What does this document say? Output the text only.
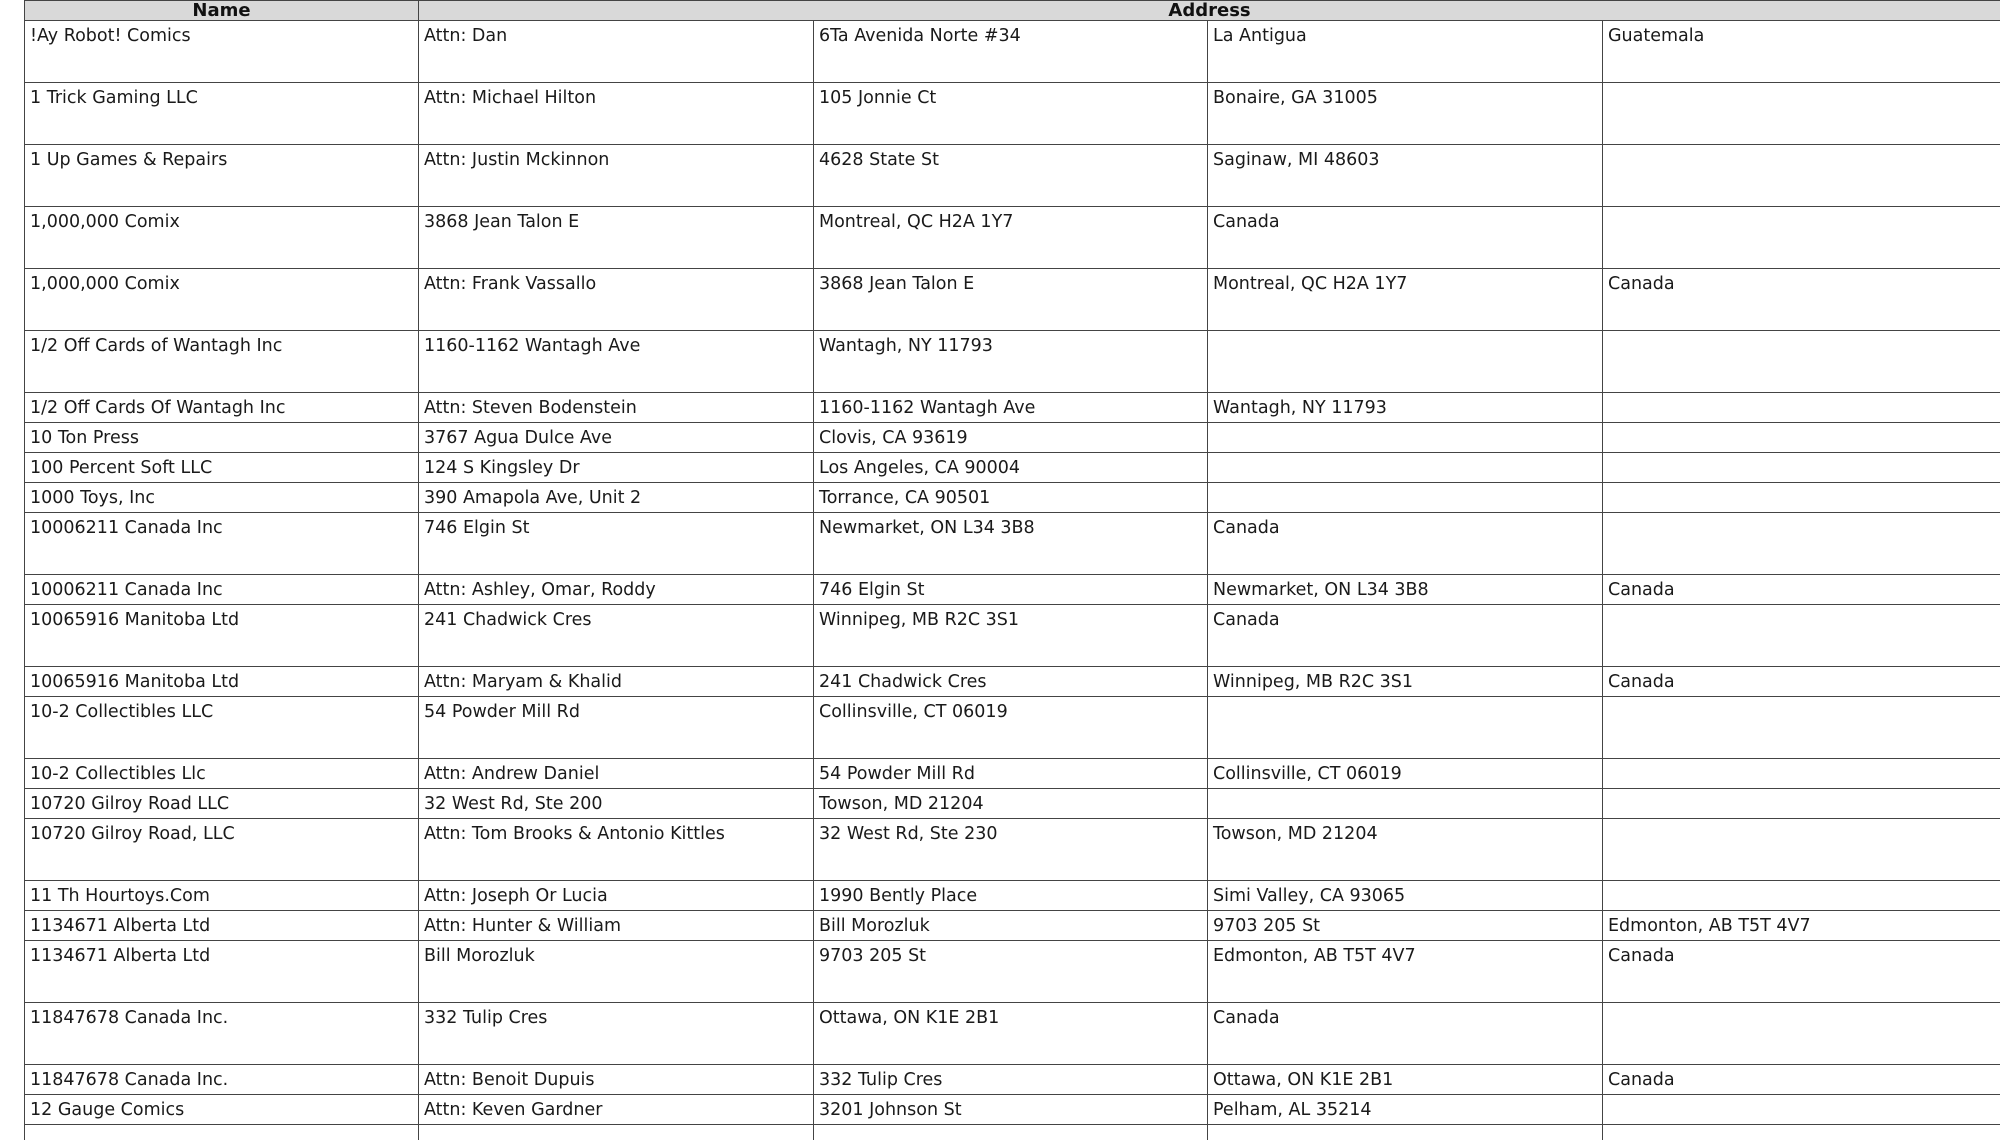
Name	Address			
!Ay Robot! Comics	Attn: Dan	6Ta Avenida Norte #34	La Antigua	Guatemala
1 Trick Gaming LLC	Attn: Michael Hilton	105 Jonnie Ct	Bonaire, GA 31005	
1 Up Games & Repairs	Attn: Justin Mckinnon	4628 State St	Saginaw, MI 48603	
1,000,000 Comix	3868 Jean Talon E	Montreal, QC H2A 1Y7	Canada	
1,000,000 Comix	Attn: Frank Vassallo	3868 Jean Talon E	Montreal, QC H2A 1Y7	Canada
1/2 Off Cards of Wantagh Inc	1160-1162 Wantagh Ave	Wantagh, NY 11793		
1/2 Off Cards Of Wantagh Inc	Attn: Steven Bodenstein	1160-1162 Wantagh Ave	Wantagh, NY 11793	
10 Ton Press	3767 Agua Dulce Ave	Clovis, CA 93619		
100 Percent Soft LLC	124 S Kingsley Dr	Los Angeles, CA 90004		
1000 Toys, Inc	390 Amapola Ave, Unit 2	Torrance, CA 90501		
10006211 Canada Inc	746 Elgin St	Newmarket, ON L34 3B8	Canada	
10006211 Canada Inc	Attn: Ashley, Omar, Roddy	746 Elgin St	Newmarket, ON L34 3B8	Canada
10065916 Manitoba Ltd	241 Chadwick Cres	Winnipeg, MB R2C 3S1	Canada	
10065916 Manitoba Ltd	Attn: Maryam & Khalid	241 Chadwick Cres	Winnipeg, MB R2C 3S1	Canada
10-2 Collectibles LLC	54 Powder Mill Rd	Collinsville, CT 06019		
10-2 Collectibles Llc	Attn: Andrew Daniel	54 Powder Mill Rd	Collinsville, CT 06019	
10720 Gilroy Road LLC	32 West Rd, Ste 200	Towson, MD 21204		
10720 Gilroy Road, LLC	Attn: Tom Brooks & Antonio Kittles	32 West Rd, Ste 230	Towson, MD 21204	
11 Th Hourtoys.Com	Attn: Joseph Or Lucia	1990 Bently Place	Simi Valley, CA 93065	
1134671 Alberta Ltd	Attn: Hunter & William	Bill Morozluk	9703 205 St	Edmonton, AB T5T 4V7
1134671 Alberta Ltd	Bill Morozluk	9703 205 St	Edmonton, AB T5T 4V7	Canada
11847678 Canada Inc.	332 Tulip Cres	Ottawa, ON K1E 2B1	Canada	
11847678 Canada Inc.	Attn: Benoit Dupuis	332 Tulip Cres	Ottawa, ON K1E 2B1	Canada
12 Gauge Comics	Attn: Keven Gardner	3201 Johnson St	Pelham, AL 35214	
